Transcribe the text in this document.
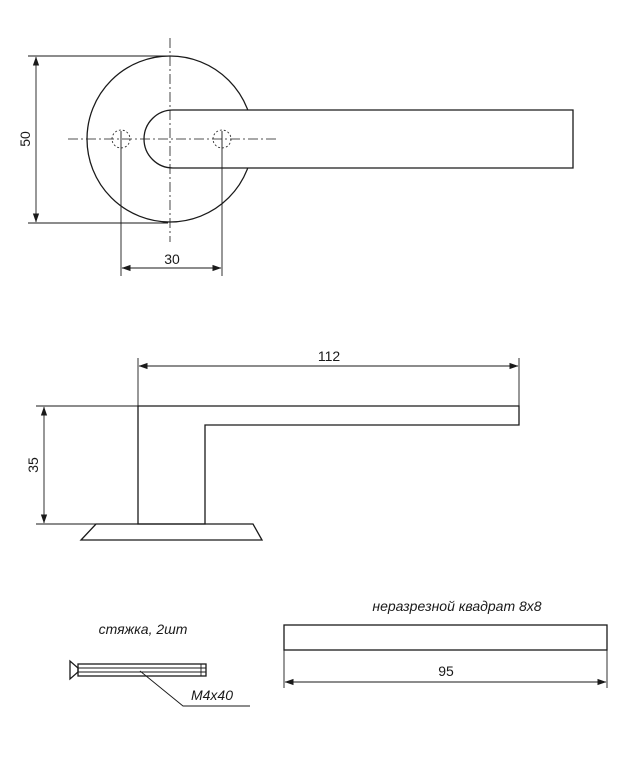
50
30
112
35
стяжка, 2шт
M4x40
неразрезной квадрат 8x8
95
